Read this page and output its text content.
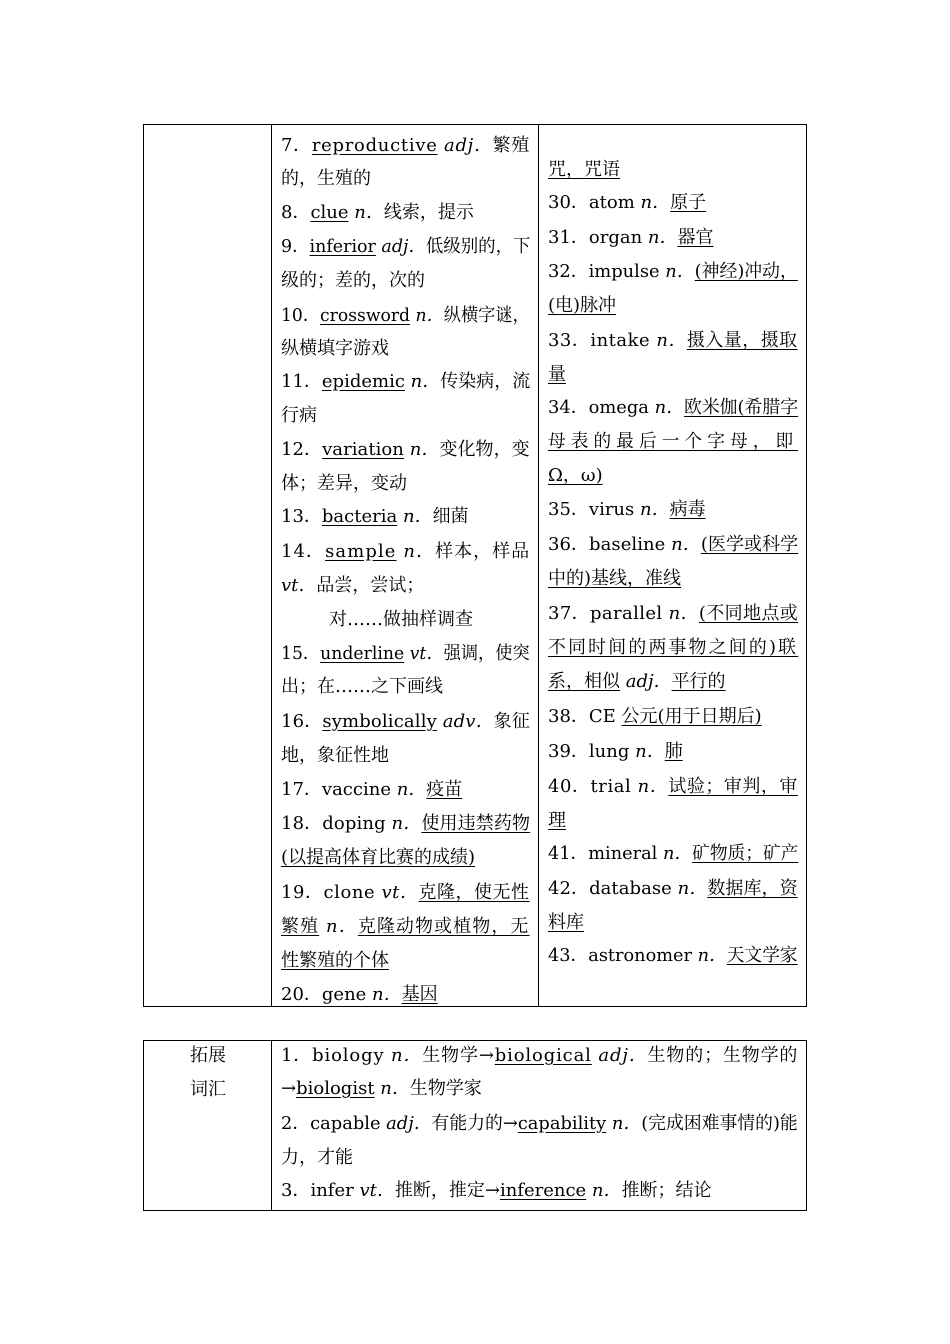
7．reproductive adj．繁殖
的，生殖的
8．clue n．线索，提示
9．inferior adj．低级别的，下
级的；差的，次的
10．crossword n．纵横字谜，
纵横填字游戏
11．epidemic n．传染病，流
行病
12．variation n．变化物，变
体；差异，变动
13．bacteria n．细菌
14．sample n．样本，样品
vt．品尝，尝试；
对……做抽样调查
15．underline vt．强调，使突
出；在……之下画线
16．symbolically adv．象征
地，象征性地
17．vaccine n．疫苗
18．doping n．使用违禁药物
(以提高体育比赛的成绩)
19．clone vt．克隆，使无性
繁殖 n．克隆动物或植物，无
性繁殖的个体
20．gene n．基因
咒，咒语
30．atom n．原子
31．organ n．器官
32．impulse n．(神经)冲动，
(电)脉冲
33．intake n．摄入量，摄取
量
34．omega n．欧米伽(希腊字
母表的最后一个字母，即
Ω，ω)
35．virus n．病毒
36．baseline n．(医学或科学
中的)基线，准线
37．parallel n．(不同地点或
不同时间的两事物之间的)联
系，相似 adj．平行的
38．CE 公元(用于日期后)
39．lung n．肺
40．trial n．试验；审判，审
理
41．mineral n．矿物质；矿产
42．database n．数据库，资
料库
43．astronomer n．天文学家
拓展
词汇
1．biology n．生物学→biological adj．生物的；生物学的
→biologist n．生物学家
2．capable adj．有能力的→capability n．(完成困难事情的)能
力，才能
3．infer vt．推断，推定→inference n．推断；结论
